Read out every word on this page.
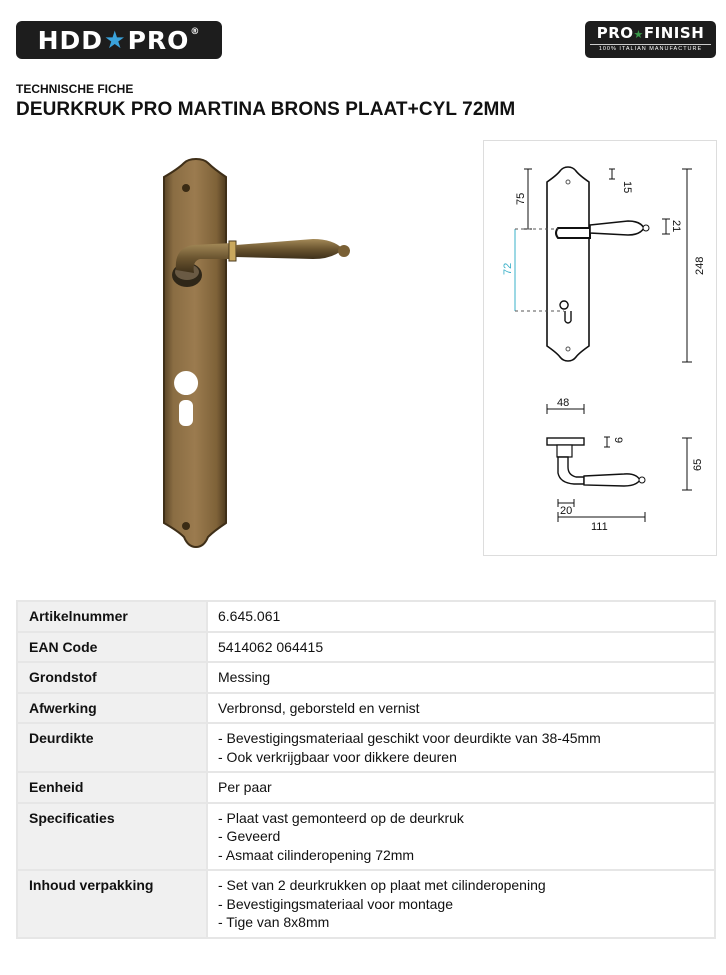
HDD ★ PRO ®	PRO★FINISH
100% ITALIAN MANUFACTURE
TECHNISCHE FICHE
DEURKRUK PRO MARTINA BRONS PLAAT+CYL 72MM
75
15
21
72	248
48
9
65
20
111
Artikelnummer	6.645.061

EAN Code	5414062 064415

Grondstof	Messing

Afwerking	Verbronsd, geborsteld en vernist

Deurdikte	- Bevestigingsmateriaal geschikt voor deurdikte van 38-45mm
- Ook verkrijgbaar voor dikkere deuren

Eenheid	Per paar

Specificaties	- Plaat vast gemonteerd op de deurkruk
- Geveerd
- Asmaat cilinderopening 72mm

Inhoud verpakking	- Set van 2 deurkrukken op plaat met cilinderopening
- Bevestigingsmateriaal voor montage
- Tige van 8x8mm
